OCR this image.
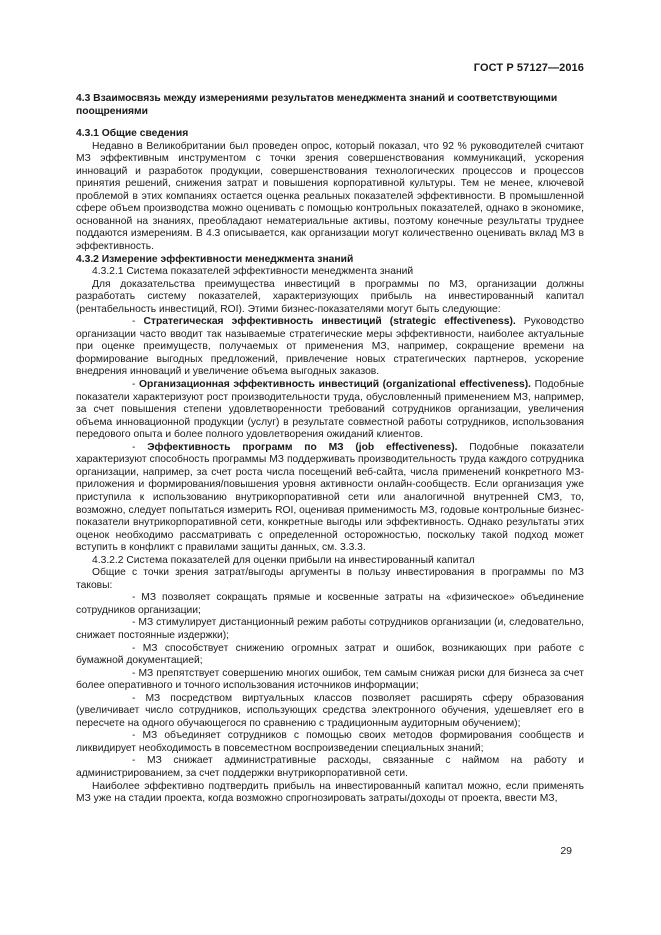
ГОСТ Р 57127—2016

4.3 Взаимосвязь между измерениями результатов менеджмента знаний и соответствующими поощрениями

4.3.1 Общие сведения

Недавно в Великобритании был проведен опрос, который показал, что 92 % руководителей считают МЗ эффективным инструментом с точки зрения совершенствования коммуникаций, ускорения инноваций и разработок продукции, совершенствования технологических процессов и процессов принятия решений, снижения затрат и повышения корпоративной культуры. Тем не менее, ключевой проблемой в этих компаниях остается оценка реальных показателей эффективности. В промышленной сфере объем производства можно оценивать с помощью контрольных показателей, однако в экономике, основанной на знаниях, преобладают нематериальные активы, поэтому конечные результаты труднее поддаются измерениям. В 4.3 описывается, как организации могут количественно оценивать вклад МЗ в эффективность.

4.3.2 Измерение эффективности менеджмента знаний

4.3.2.1 Система показателей эффективности менеджмента знаний

Для доказательства преимущества инвестиций в программы по МЗ, организации должны разработать систему показателей, характеризующих прибыль на инвестированный капитал (рентабельность инвестиций, ROI). Этими бизнес-показателями могут быть следующие:

- Стратегическая эффективность инвестиций (strategic effectiveness). Руководство организации часто вводит так называемые стратегические меры эффективности, наиболее актуальные при оценке преимуществ, получаемых от применения МЗ, например, сокращение времени на формирование выгодных предложений, привлечение новых стратегических партнеров, ускорение внедрения инноваций и увеличение объема выгодных заказов.

- Организационная эффективность инвестиций (organizational effectiveness). Подобные показатели характеризуют рост производительности труда, обусловленный применением МЗ, например, за счет повышения степени удовлетворенности требований сотрудников организации, увеличения объема инновационной продукции (услуг) в результате совместной работы сотрудников, использования передового опыта и более полного удовлетворения ожиданий клиентов.

- Эффективность программ по МЗ (job effectiveness). Подобные показатели характеризуют способность программы МЗ поддерживать производительность труда каждого сотрудника организации, например, за счет роста числа посещений веб-сайта, числа применений конкретного МЗ-приложения и формирования/повышения уровня активности онлайн-сообществ. Если организация уже приступила к использованию внутрикорпоративной сети или аналогичной внутренней СМЗ, то, возможно, следует попытаться измерить ROI, оценивая применимость МЗ, годовые контрольные бизнес-показатели внутрикорпоративной сети, конкретные выгоды или эффективность. Однако результаты этих оценок необходимо рассматривать с определенной осторожностью, поскольку такой подход может вступить в конфликт с правилами защиты данных, см. 3.3.3.

4.3.2.2 Система показателей для оценки прибыли на инвестированный капитал

Общие с точки зрения затрат/выгоды аргументы в пользу инвестирования в программы по МЗ таковы:

- МЗ позволяет сокращать прямые и косвенные затраты на «физическое» объединение сотрудников организации;

- МЗ стимулирует дистанционный режим работы сотрудников организации (и, следовательно, снижает постоянные издержки);

- МЗ способствует снижению огромных затрат и ошибок, возникающих при работе с бумажной документацией;

- МЗ препятствует совершению многих ошибок, тем самым снижая риски для бизнеса за счет более оперативного и точного использования источников информации;

- МЗ посредством виртуальных классов позволяет расширять сферу образования (увеличивает число сотрудников, использующих средства электронного обучения, удешевляет его в пересчете на одного обучающегося по сравнению с традиционным аудиторным обучением);

- МЗ объединяет сотрудников с помощью своих методов формирования сообществ и ликвидирует необходимость в повсеместном воспроизведении специальных знаний;

- МЗ снижает административные расходы, связанные с наймом на работу и администрированием, за счет поддержки внутрикорпоративной сети.

Наиболее эффективно подтвердить прибыль на инвестированный капитал можно, если применять МЗ уже на стадии проекта, когда возможно спрогнозировать затраты/доходы от проекта, ввести МЗ,

29
